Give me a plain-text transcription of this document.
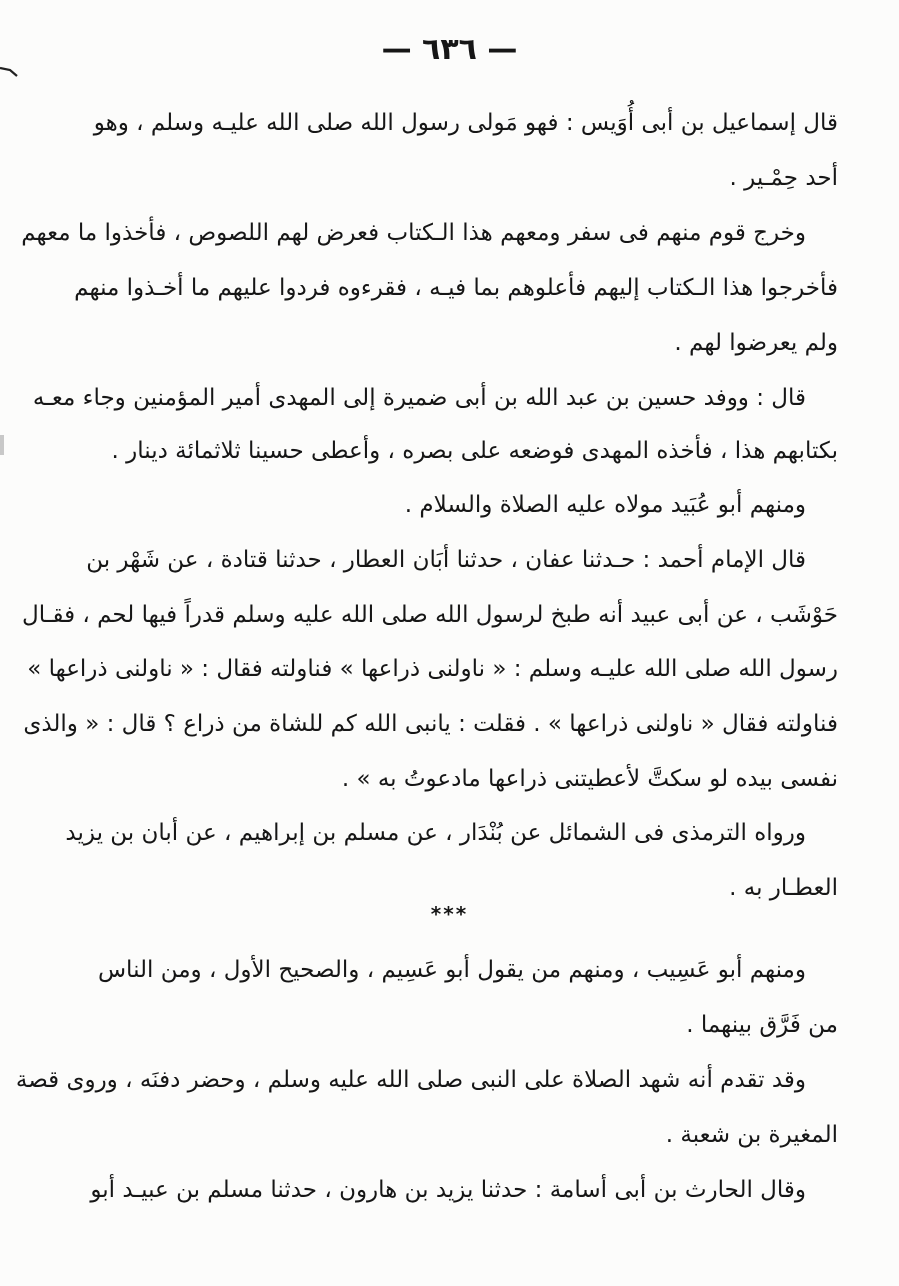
— ٦٣٦ —
قال إسماعيل بن أبى أُوَيس : فهو مَولى رسول الله صلى الله عليـه وسلم ، وهو
أحد حِمْـير .
وخرج قوم منهم فى سفر ومعهم هذا الـكتاب فعرض لهم اللصوص ، فأخذوا ما معهم
فأخرجوا هذا الـكتاب إليهم فأعلوهم بما فيـه ، فقرءوه فردوا عليهم ما أخـذوا منهم
ولم يعرضوا لهم .
قال : ووفد حسين بن عبد الله بن أبى ضميرة إلى المهدى أمير المؤمنين وجاء معـه
بكتابهم هذا ، فأخذه المهدى فوضعه على بصره ، وأعطى حسينا ثلاثمائة دينار .
ومنهم أبو عُبَيد مولاه عليه الصلاة والسلام .
قال الإمام أحمد : حـدثنا عفان ، حدثنا أبَان العطار ، حدثنا قتادة ، عن شَهْر بن
حَوْشَب ، عن أبى عبيد أنه طبخ لرسول الله صلى الله عليه وسلم قدراً فيها لحم ، فقـال
رسول الله صلى الله عليـه وسلم : « ناولنى ذراعها » فناولته فقال : « ناولنى ذراعها »
فناولته فقال « ناولنى ذراعها » . فقلت : يانبى الله كم للشاة من ذراع ؟ قال : « والذى
نفسى بيده لو سكتَّ لأعطيتنى ذراعها مادعوتُ به » .
ورواه الترمذى فى الشمائل عن بُنْدَار ، عن مسلم بن إبراهيم ، عن أبان بن يزيد
العطـار به .
***
ومنهم أبو عَسِيب ، ومنهم من يقول أبو عَسِيم ، والصحيح الأول ، ومن الناس
من فَرَّق بينهما .
وقد تقدم أنه شهد الصلاة على النبى صلى الله عليه وسلم ، وحضر دفنَه ، وروى قصة
المغيرة بن شعبة .
وقال الحارث بن أبى أسامة : حدثنا يزيد بن هارون ، حدثنا مسلم بن عبيـد أبو
